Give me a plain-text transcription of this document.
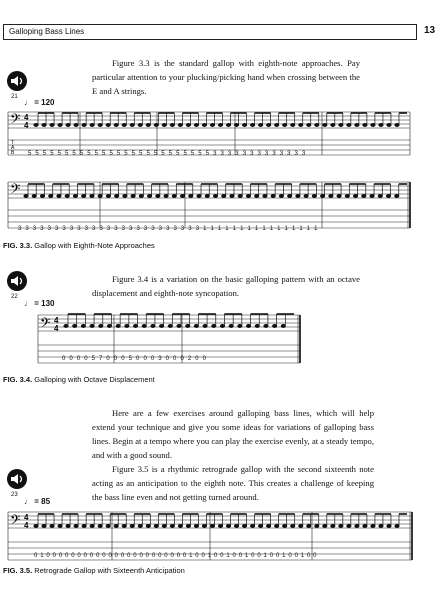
Galloping Bass Lines	13

Figure 3.3 is the standard gallop with eighth-note approaches. Pay particular attention to your plucking/picking hand when crossing between the E and A strings.

21
♩ = 120
𝄢 4
4
T
A
B
𝄢
5 5 5 5 5 5 5 5 5 5 5 5 5 5 5 5 5 5 5 5 5 5 5 5 5 3 3 3 3 3 3 3 3 3 3 3 3 3
3 3 3 3 3 3 3 3 3 3 3 3 3 3 3 3 3 3 3 3 3 3 3 3 3 1 1 1 1 1 1 1 1 1 1 1 1 1 1 1 1
FIG. 3.3. Gallop with Eighth-Note Approaches

Figure 3.4 is a variation on the basic galloping pattern with an octave displacement and eighth-note syncopation.

22
♩ = 130
𝄢 4
4
0 0 0 0 5 7 0 0 0 5 0 0 0 3 0 0 0 2 0 0
FIG. 3.4. Galloping with Octave Displacement

Here are a few exercises around galloping bass lines, which will help extend your technique and give you some ideas for variations of galloping bass lines. Begin at a tempo where you can play the exercise evenly, at a steady tempo, and with a good sound.

Figure 3.5 is a rhythmic retrograde gallop with the second sixteenth note acting as an anticipation to the eighth note. This creates a challenge of keeping the bass line even and not getting turned around.

23
♩ = 85
𝄢 4
4
0 1 0 0 0 0 0 0 0 0 0 0 0 0 0 0 0 0 0 0 0 0 0 0 0 1 0 0 1 0 0 1 0 0 1 0 0 1 0 0 1 0 0 1 0 0
FIG. 3.5. Retrograde Gallop with Sixteenth Anticipation
